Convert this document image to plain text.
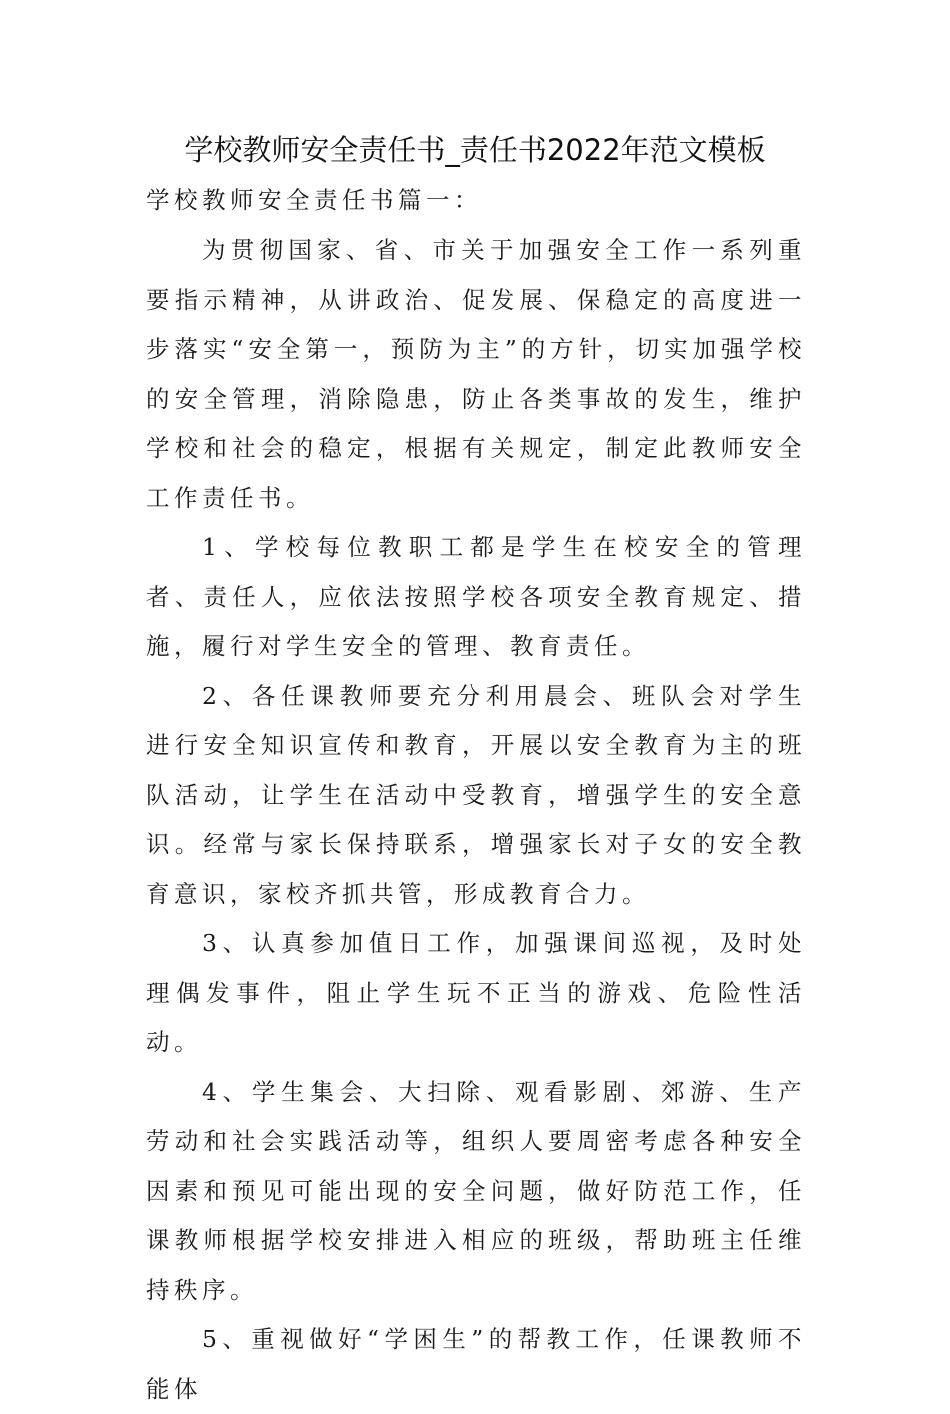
学校教师安全责任书_责任书2022年范文模板
学校教师安全责任书篇一：

为贯彻国家、省、市关于加强安全工作一系列重要指示精神，从讲政治、促发展、保稳定的高度进一步落实“安全第一，预防为主”的方针，切实加强学校的安全管理，消除隐患，防止各类事故的发生，维护学校和社会的稳定，根据有关规定，制定此教师安全工作责任书。

1、学校每位教职工都是学生在校安全的管理者、责任人，应依法按照学校各项安全教育规定、措施，履行对学生安全的管理、教育责任。

2、各任课教师要充分利用晨会、班队会对学生进行安全知识宣传和教育，开展以安全教育为主的班队活动，让学生在活动中受教育，增强学生的安全意识。经常与家长保持联系，增强家长对子女的安全教育意识，家校齐抓共管，形成教育合力。

3、认真参加值日工作，加强课间巡视，及时处理偶发事件，阻止学生玩不正当的游戏、危险性活动。

4、学生集会、大扫除、观看影剧、郊游、生产劳动和社会实践活动等，组织人要周密考虑各种安全因素和预见可能出现的安全问题，做好防范工作，任课教师根据学校安排进入相应的班级，帮助班主任维持秩序。

5、重视做好“学困生”的帮教工作，任课教师不能体
